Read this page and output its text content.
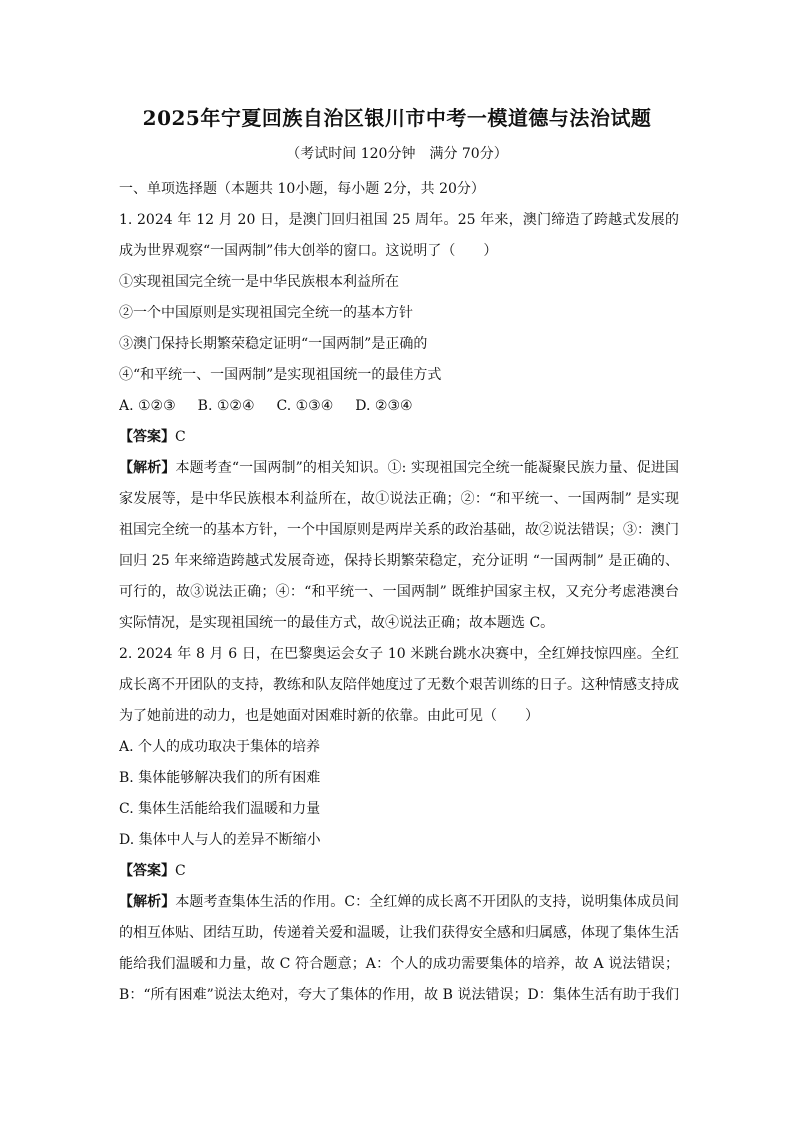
2025年宁夏回族自治区银川市中考一模道德与法治试题

（考试时间 120分钟　满分 70分）

一、单项选择题（本题共 10小题，每小题 2分，共 20分）
1. 2024 年 12 月 20 日，是澳门回归祖国 25 周年。25 年来，澳门缔造了跨越式发展的
成为世界观察“一国两制”伟大创举的窗口。这说明了（　　）
①实现祖国完全统一是中华民族根本利益所在
②一个中国原则是实现祖国完全统一的基本方针
③澳门保持长期繁荣稳定证明“一国两制”是正确的
④“和平统一、一国两制”是实现祖国统一的最佳方式
A. ①②③ B. ①②④ C. ①③④ D. ②③④
【答案】C
【解析】本题考查“一国两制”的相关知识。①: 实现祖国完全统一能凝聚民族力量、促进国
家发展等，是中华民族根本利益所在，故①说法正确；②：“和平统一、一国两制” 是实现
祖国完全统一的基本方针，一个中国原则是两岸关系的政治基础，故②说法错误；③：澳门
回归 25 年来缔造跨越式发展奇迹，保持长期繁荣稳定，充分证明 “一国两制” 是正确的、
可行的，故③说法正确；④：“和平统一、一国两制” 既维护国家主权，又充分考虑港澳台
实际情况，是实现祖国统一的最佳方式，故④说法正确；故本题选 C。
2. 2024 年 8 月 6 日，在巴黎奥运会女子 10 米跳台跳水决赛中，全红婵技惊四座。全红
成长离不开团队的支持，教练和队友陪伴她度过了无数个艰苦训练的日子。这种情感支持成
为了她前进的动力，也是她面对困难时新的依靠。由此可见（　　）
A. 个人的成功取决于集体的培养
B. 集体能够解决我们的所有困难
C. 集体生活能给我们温暖和力量
D. 集体中人与人的差异不断缩小
【答案】C
【解析】本题考查集体生活的作用。C：全红婵的成长离不开团队的支持，说明集体成员间
的相互体贴、团结互助，传递着关爱和温暖，让我们获得安全感和归属感，体现了集体生活
能给我们温暖和力量，故 C 符合题意；A：个人的成功需要集体的培养，故 A 说法错误；
B：“所有困难”说法太绝对，夸大了集体的作用，故 B 说法错误；D：集体生活有助于我们
